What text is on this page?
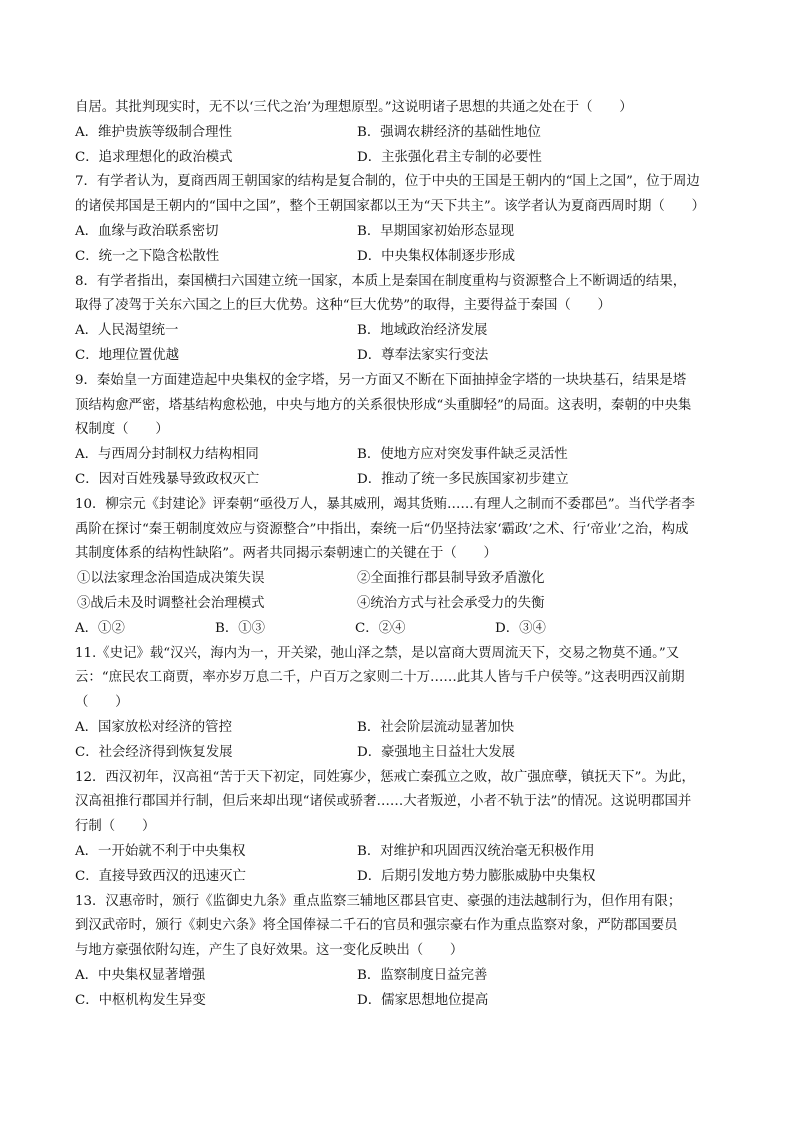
自居。其批判现实时，无不以‘三代之治’为理想原型。”这说明诸子思想的共通之处在于（　　）
A．维护贵族等级制合理性	B．强调农耕经济的基础性地位
C．追求理想化的政治模式	D．主张强化君主专制的必要性
7．有学者认为，夏商西周王朝国家的结构是复合制的，位于中央的王国是王朝内的“国上之国”，位于周边
的诸侯邦国是王朝内的“国中之国”，整个王朝国家都以王为“天下共主”。该学者认为夏商西周时期（　　）
A．血缘与政治联系密切	B．早期国家初始形态显现
C．统一之下隐含松散性	D．中央集权体制逐步形成
8．有学者指出，秦国横扫六国建立统一国家，本质上是秦国在制度重构与资源整合上不断调适的结果，
取得了凌驾于关东六国之上的巨大优势。这种“巨大优势”的取得，主要得益于秦国（　　）
A．人民渴望统一	B．地域政治经济发展
C．地理位置优越	D．尊奉法家实行变法
9．秦始皇一方面建造起中央集权的金字塔，另一方面又不断在下面抽掉金字塔的一块块基石，结果是塔
顶结构愈严密，塔基结构愈松弛，中央与地方的关系很快形成“头重脚轻”的局面。这表明，秦朝的中央集
权制度（　　）
A．与西周分封制权力结构相同	B．使地方应对突发事件缺乏灵活性
C．因对百姓残暴导致政权灭亡	D．推动了统一多民族国家初步建立
10．柳宗元《封建论》评秦朝“亟役万人，暴其威刑，竭其货贿……有理人之制而不委郡邑”。当代学者李
禹阶在探讨“秦王朝制度效应与资源整合”中指出，秦统一后“仍坚持法家‘霸政’之术、行‘帝业’之治，构成
其制度体系的结构性缺陷”。两者共同揭示秦朝速亡的关键在于（　　）
①以法家理念治国造成决策失误	②全面推行郡县制导致矛盾激化
③战后未及时调整社会治理模式	④统治方式与社会承受力的失衡
A．①②	B．①③	C．②④	D．③④
11.《史记》载“汉兴，海内为一，开关梁，弛山泽之禁，是以富商大贾周流天下，交易之物莫不通。”又
云：“庶民农工商贾，率亦岁万息二千，户百万之家则二十万……此其人皆与千户侯等。”这表明西汉前期
（　　）
A．国家放松对经济的管控	B．社会阶层流动显著加快
C．社会经济得到恢复发展	D．豪强地主日益壮大发展
12．西汉初年，汉高祖“苦于天下初定，同姓寡少，惩戒亡秦孤立之败，故广强庶孽，镇抚天下”。为此，
汉高祖推行郡国并行制，但后来却出现“诸侯或骄奢……大者叛逆，小者不轨于法”的情况。这说明郡国并
行制（　　）
A．一开始就不利于中央集权	B．对维护和巩固西汉统治毫无积极作用
C．直接导致西汉的迅速灭亡	D．后期引发地方势力膨胀威胁中央集权
13．汉惠帝时，颁行《监御史九条》重点监察三辅地区郡县官吏、豪强的违法越制行为，但作用有限；
到汉武帝时，颁行《刺史六条》将全国俸禄二千石的官员和强宗豪右作为重点监察对象，严防郡国要员
与地方豪强依附勾连，产生了良好效果。这一变化反映出（　　）
A．中央集权显著增强	B．监察制度日益完善
C．中枢机构发生异变	D．儒家思想地位提高
